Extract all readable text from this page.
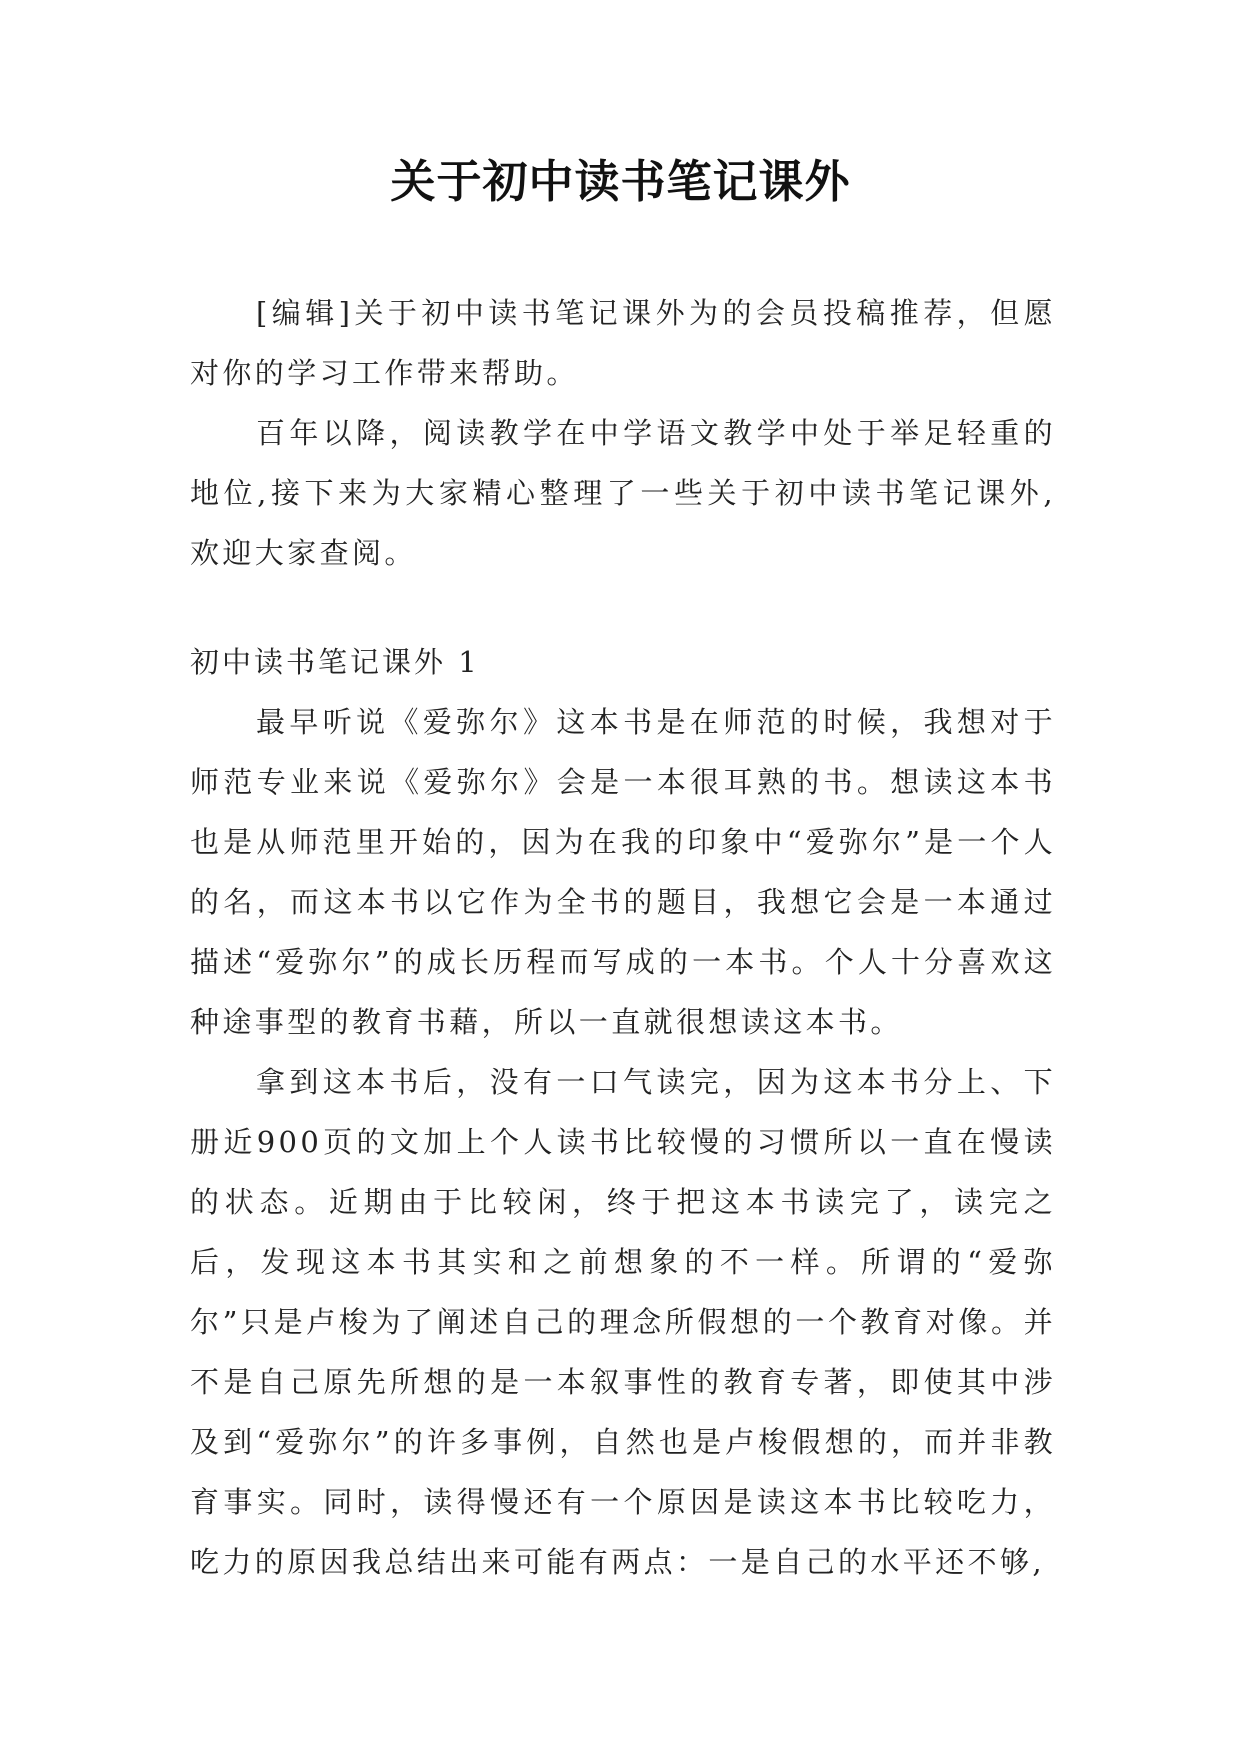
关于初中读书笔记课外

[编辑]关于初中读书笔记课外为的会员投稿推荐，但愿对你的学习工作带来帮助。

百年以降，阅读教学在中学语文教学中处于举足轻重的地位,接下来为大家精心整理了一些关于初中读书笔记课外,欢迎大家查阅。

初中读书笔记课外 1

最早听说《爱弥尔》这本书是在师范的时候，我想对于师范专业来说《爱弥尔》会是一本很耳熟的书。想读这本书也是从师范里开始的，因为在我的印象中“爱弥尔”是一个人的名，而这本书以它作为全书的题目，我想它会是一本通过描述“爱弥尔”的成长历程而写成的一本书。个人十分喜欢这种途事型的教育书藉，所以一直就很想读这本书。

拿到这本书后，没有一口气读完，因为这本书分上、下册近900页的文加上个人读书比较慢的习惯所以一直在慢读的状态。近期由于比较闲，终于把这本书读完了，读完之后，发现这本书其实和之前想象的不一样。所谓的“爱弥尔”只是卢梭为了阐述自己的理念所假想的一个教育对像。并不是自己原先所想的是一本叙事性的教育专著，即使其中涉及到“爱弥尔”的许多事例，自然也是卢梭假想的，而并非教育事实。同时，读得慢还有一个原因是读这本书比较吃力，吃力的原因我总结出来可能有两点：一是自己的水平还不够,
